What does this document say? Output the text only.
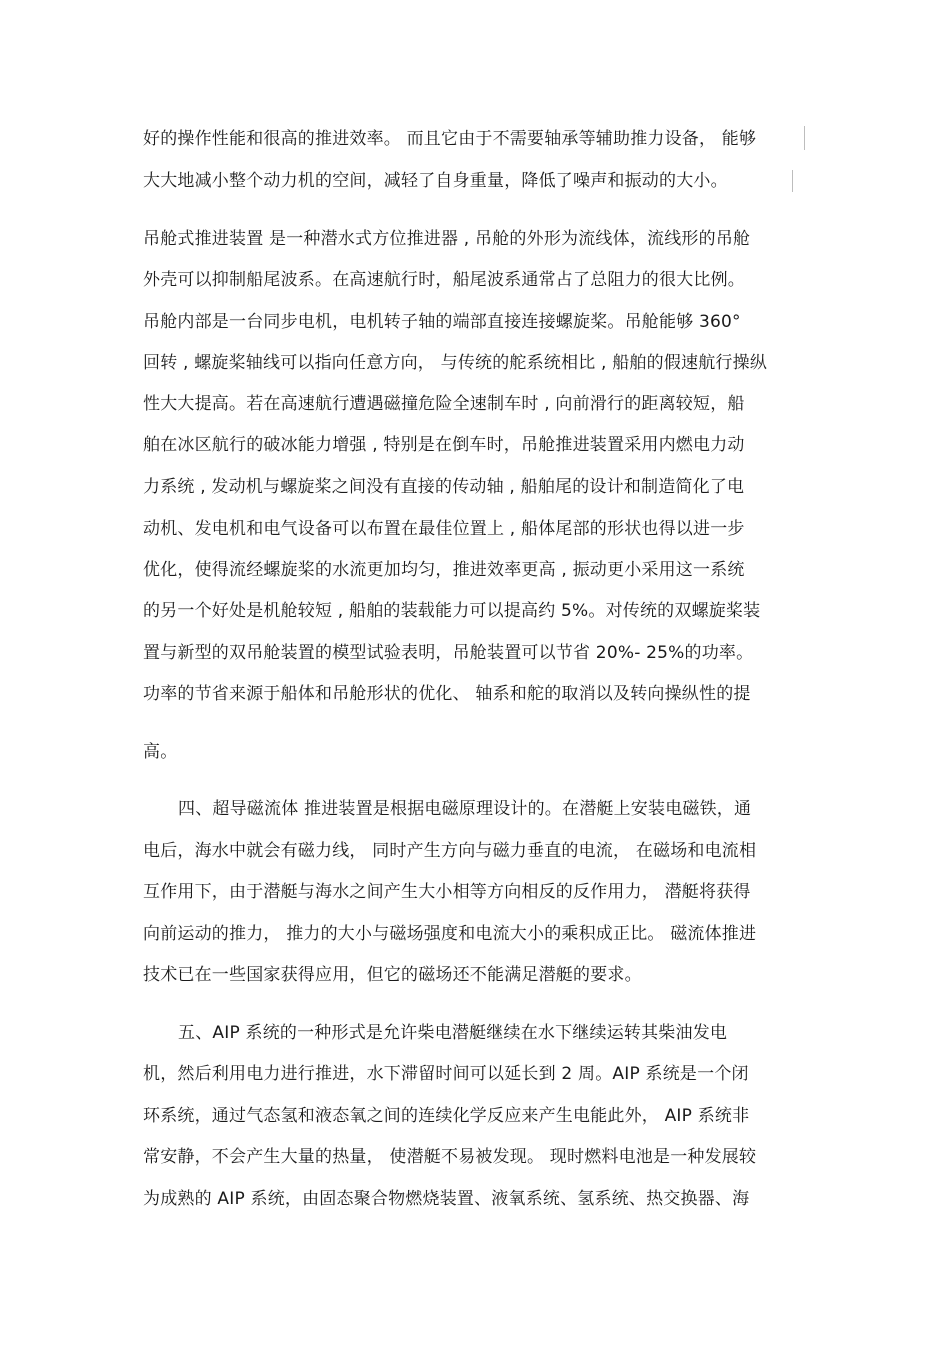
好的操作性能和很高的推进效率。 而且它由于不需要轴承等辅助推力设备， 能够
大大地减小整个动力机的空间，减轻了自身重量，降低了噪声和振动的大小。
吊舱式推进装置 是一种潜水式方位推进器 , 吊舱的外形为流线体，流线形的吊舱
外壳可以抑制船尾波系。在高速航行时，船尾波系通常占了总阻力的很大比例。
吊舱内部是一台同步电机，电机转子轴的端部直接连接螺旋桨。吊舱能够 360°
回转 , 螺旋桨轴线可以指向任意方向， 与传统的舵系统相比 , 船舶的假速航行操纵
性大大提高。若在高速航行遭遇磁撞危险全速制车时 , 向前滑行的距离较短，船
舶在冰区航行的破冰能力增强 , 特别是在倒车时，吊舱推进装置采用内燃电力动
力系统 , 发动机与螺旋桨之间没有直接的传动轴 , 船舶尾的设计和制造简化了电
动机、发电机和电气设备可以布置在最佳位置上 , 船体尾部的形状也得以进一步
优化，使得流经螺旋桨的水流更加均匀，推进效率更高 , 振动更小采用这一系统
的另一个好处是机舱较短 , 船舶的装载能力可以提高约 5%。对传统的双螺旋桨装
置与新型的双吊舱装置的模型试验表明，吊舱装置可以节省 20%- 25%的功率。
功率的节省来源于船体和吊舱形状的优化、 轴系和舵的取消以及转向操纵性的提
高。
四、超导磁流体 推进装置是根据电磁原理设计的。在潜艇上安装电磁铁，通
电后，海水中就会有磁力线， 同时产生方向与磁力垂直的电流， 在磁场和电流相
互作用下，由于潜艇与海水之间产生大小相等方向相反的反作用力， 潜艇将获得
向前运动的推力， 推力的大小与磁场强度和电流大小的乘积成正比。 磁流体推进
技术已在一些国家获得应用，但它的磁场还不能满足潜艇的要求。
五、AIP 系统的一种形式是允许柴电潜艇继续在水下继续运转其柴油发电
机，然后利用电力进行推进，水下滞留时间可以延长到 2 周。AIP 系统是一个闭
环系统，通过气态氢和液态氧之间的连续化学反应来产生电能此外， AIP 系统非
常安静，不会产生大量的热量， 使潜艇不易被发现。 现时燃料电池是一种发展较
为成熟的 AIP 系统，由固态聚合物燃烧装置、液氧系统、氢系统、热交换器、海
